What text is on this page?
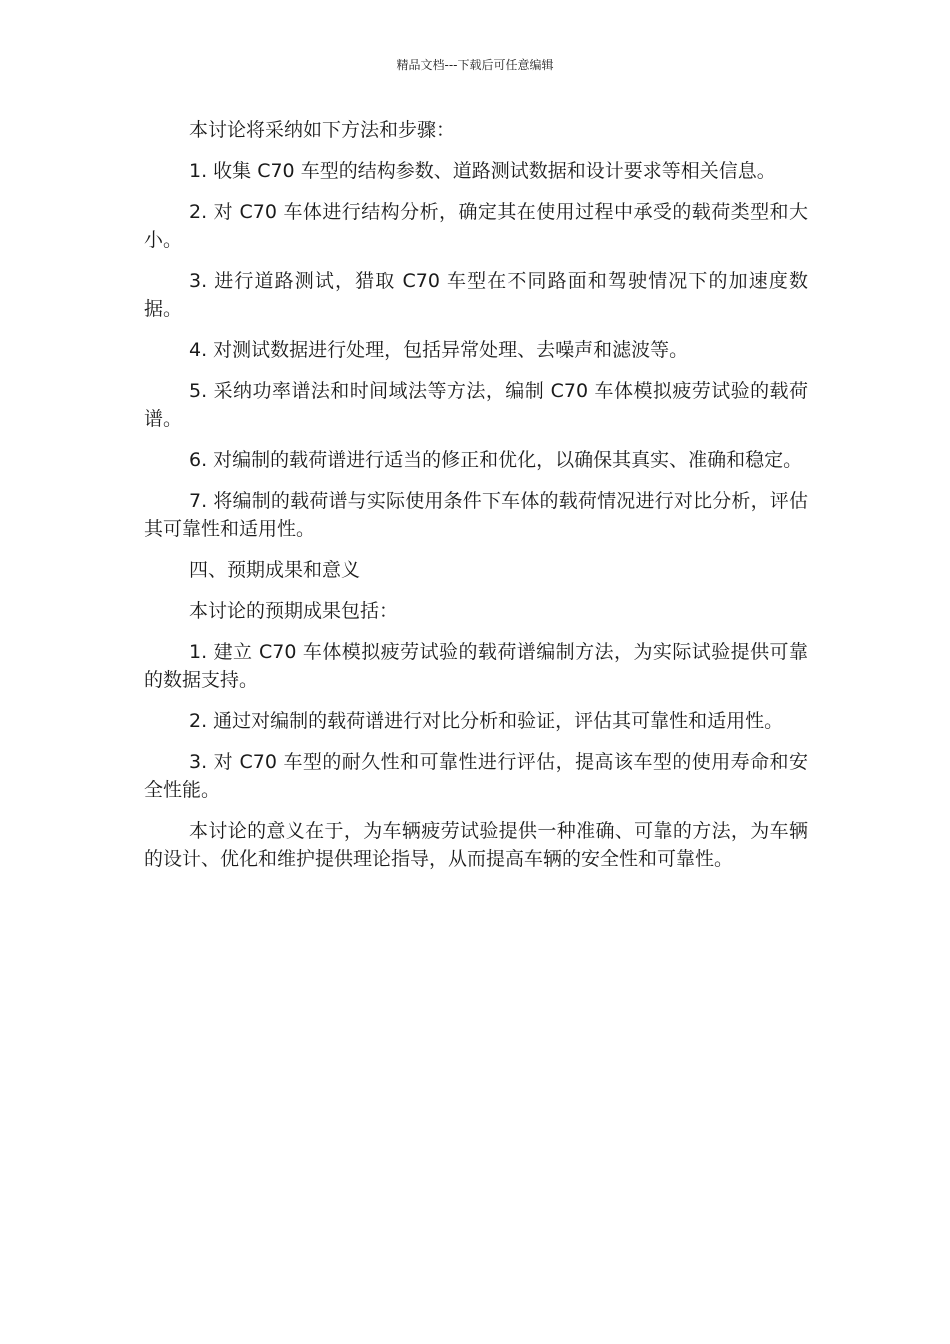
精品文档---下载后可任意编辑

本讨论将采纳如下方法和步骤：

1. 收集 C70 车型的结构参数、道路测试数据和设计要求等相关信息。

2. 对 C70 车体进行结构分析，确定其在使用过程中承受的载荷类型和大小。

3. 进行道路测试，猎取 C70 车型在不同路面和驾驶情况下的加速度数据。

4. 对测试数据进行处理，包括异常处理、去噪声和滤波等。

5. 采纳功率谱法和时间域法等方法，编制 C70 车体模拟疲劳试验的载荷谱。

6. 对编制的载荷谱进行适当的修正和优化，以确保其真实、准确和稳定。

7. 将编制的载荷谱与实际使用条件下车体的载荷情况进行对比分析，评估其可靠性和适用性。

四、预期成果和意义

本讨论的预期成果包括：

1. 建立 C70 车体模拟疲劳试验的载荷谱编制方法，为实际试验提供可靠的数据支持。

2. 通过对编制的载荷谱进行对比分析和验证，评估其可靠性和适用性。

3. 对 C70 车型的耐久性和可靠性进行评估，提高该车型的使用寿命和安全性能。

本讨论的意义在于，为车辆疲劳试验提供一种准确、可靠的方法，为车辆的设计、优化和维护提供理论指导，从而提高车辆的安全性和可靠性。
